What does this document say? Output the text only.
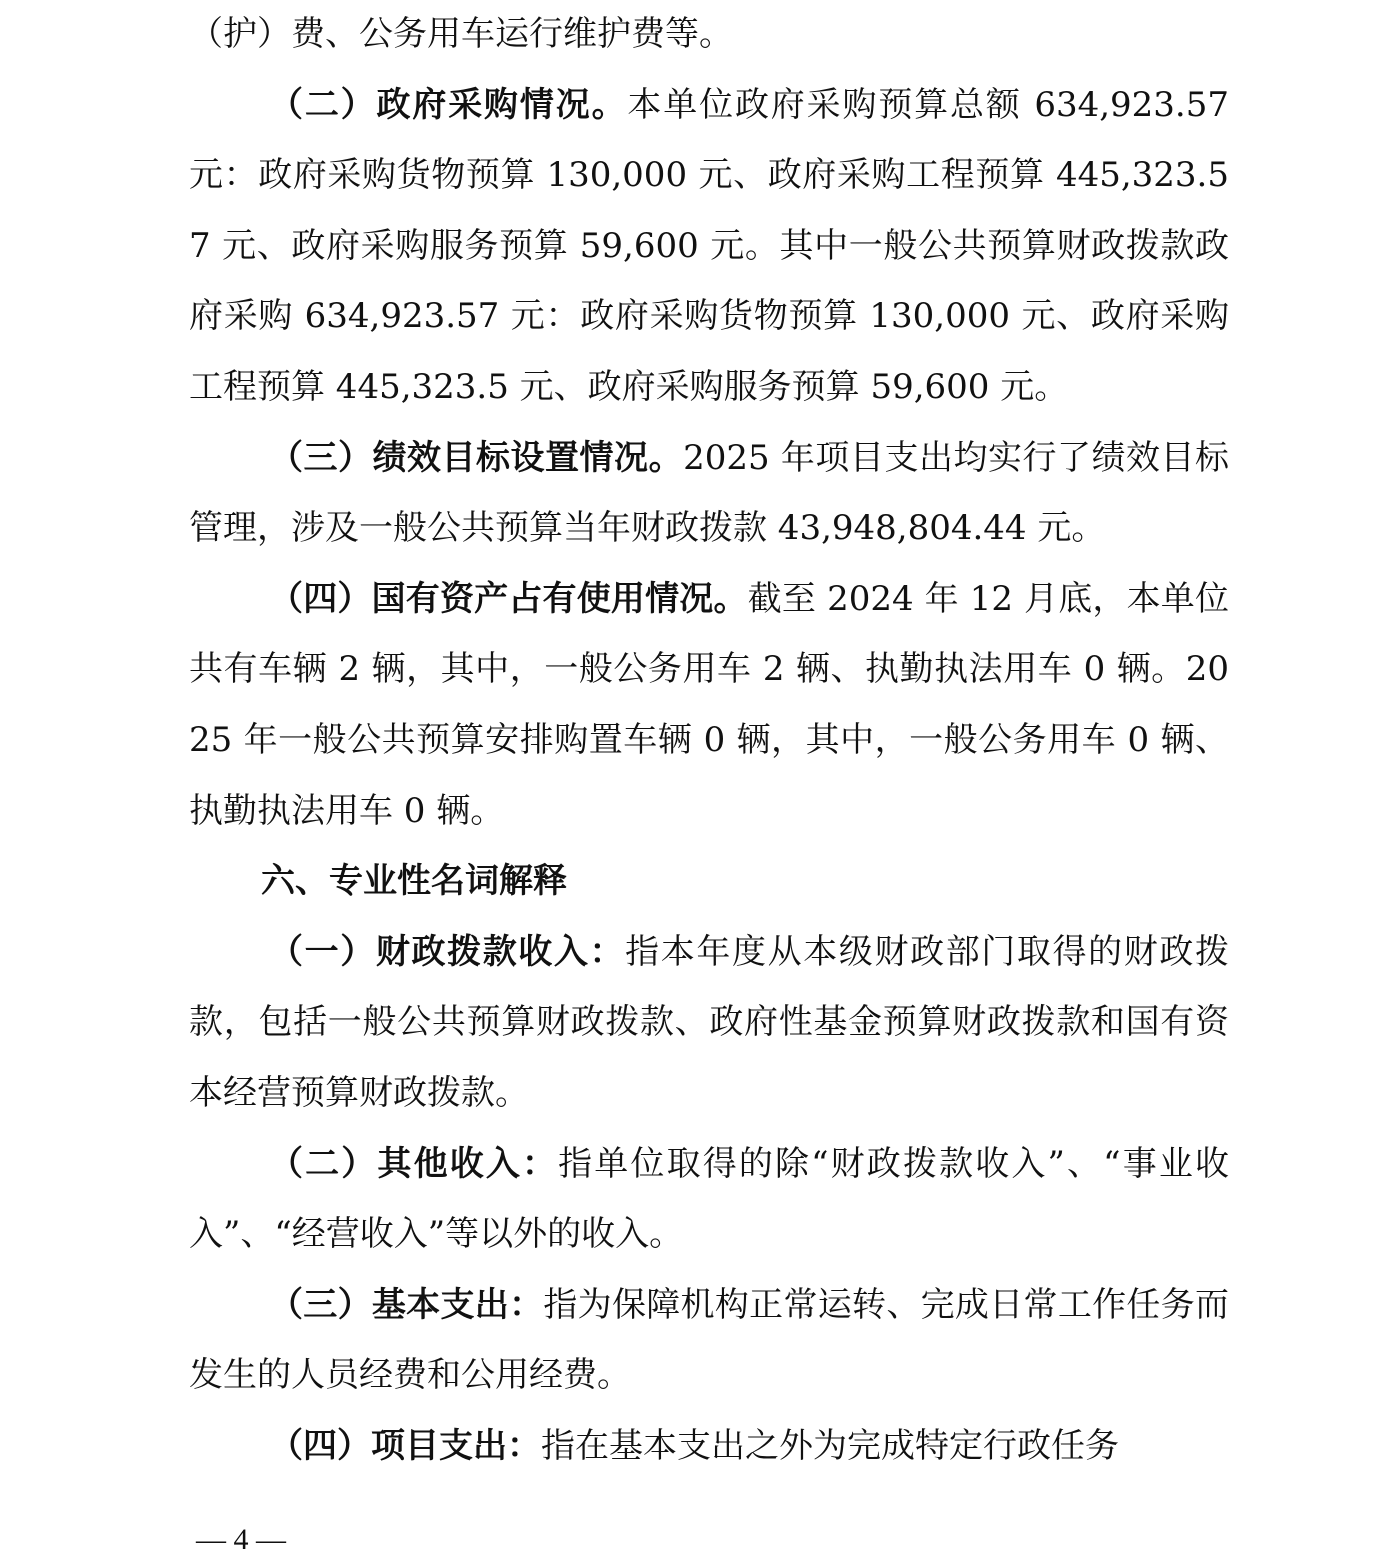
（护）费、公务用车运行维护费等。

（二）政府采购情况。本单位政府采购预算总额 634,923.57 元：政府采购货物预算 130,000 元、政府采购工程预算 445,323.57 元、政府采购服务预算 59,600 元。其中一般公共预算财政拨款政府采购 634,923.57 元：政府采购货物预算 130,000 元、政府采购工程预算 445,323.5 元、政府采购服务预算 59,600 元。

（三）绩效目标设置情况。2025 年项目支出均实行了绩效目标管理，涉及一般公共预算当年财政拨款 43,948,804.44 元。

（四）国有资产占有使用情况。截至 2024 年 12 月底，本单位共有车辆 2 辆，其中，一般公务用车 2 辆、执勤执法用车 0 辆。2025 年一般公共预算安排购置车辆 0 辆，其中，一般公务用车 0 辆、执勤执法用车 0 辆。

六、专业性名词解释

（一）财政拨款收入：指本年度从本级财政部门取得的财政拨款，包括一般公共预算财政拨款、政府性基金预算财政拨款和国有资本经营预算财政拨款。

（二）其他收入：指单位取得的除“财政拨款收入”、“事业收入”、“经营收入”等以外的收入。

（三）基本支出：指为保障机构正常运转、完成日常工作任务而发生的人员经费和公用经费。

（四）项目支出：指在基本支出之外为完成特定行政任务

— 4 —
